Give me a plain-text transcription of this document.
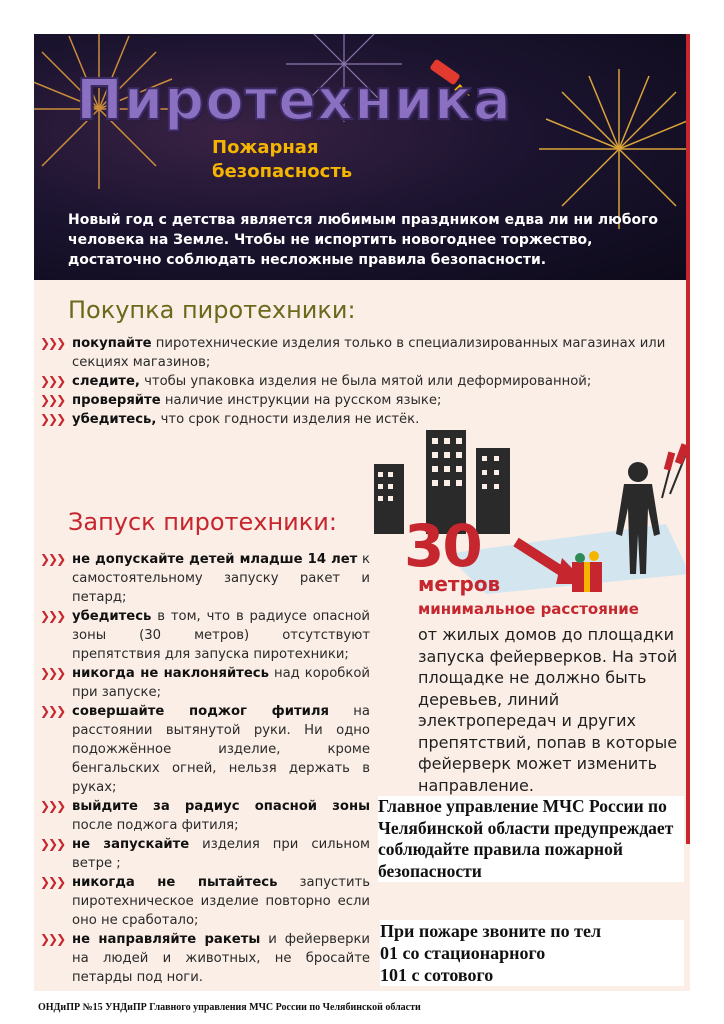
Пиротехника
Пожарная
безопасность
Новый год с детства является любимым праздником едва ли ни любого человека на Земле. Чтобы не испортить новогоднее торжество, достаточно соблюдать несложные правила безопасности.
Покупка пиротехники:
❯❯❯ покупайте пиротехнические изделия только в специализированных магазинах или секциях магазинов;
❯❯❯ следите, чтобы упаковка изделия не была мятой или деформированной;
❯❯❯ проверяйте наличие инструкции на русском языке;
❯❯❯ убедитесь, что срок годности изделия не истёк.
30
метров
минимальное расстояние
от жилых домов до площадки запуска фейерверков. На этой площадке не должно быть деревьев, линий электропередач и других препятствий, попав в которые фейерверк может изменить направление.
Запуск пиротехники:
❯❯❯ не допускайте детей младше 14 лет к самостоятельному запуску ракет и петард;
❯❯❯ убедитесь в том, что в радиусе опасной зоны (30 метров) отсутствуют препятствия для запуска пиротехники;
❯❯❯ никогда не наклоняйтесь над коробкой при запуске;
❯❯❯ совершайте поджог фитиля на расстоянии вытянутой руки. Ни одно подожжённое изделие, кроме бенгальских огней, нельзя держать в руках;
❯❯❯ выйдите за радиус опасной зоны после поджога фитиля;
❯❯❯ не запускайте изделия при сильном ветре ;
❯❯❯ никогда не пытайтесь запустить пиротехническое изделие повторно если оно не сработало;
❯❯❯ не направляйте ракеты и фейерверки на людей и животных, не бросайте петарды под ноги.
Главное управление МЧС России по Челябинской области предупреждает соблюдайте правила пожарной безопасности
При пожаре звоните по тел
01 со стационарного
101 с сотового
ОНДиПР №15 УНДиПР Главного управления МЧС России по Челябинской области
